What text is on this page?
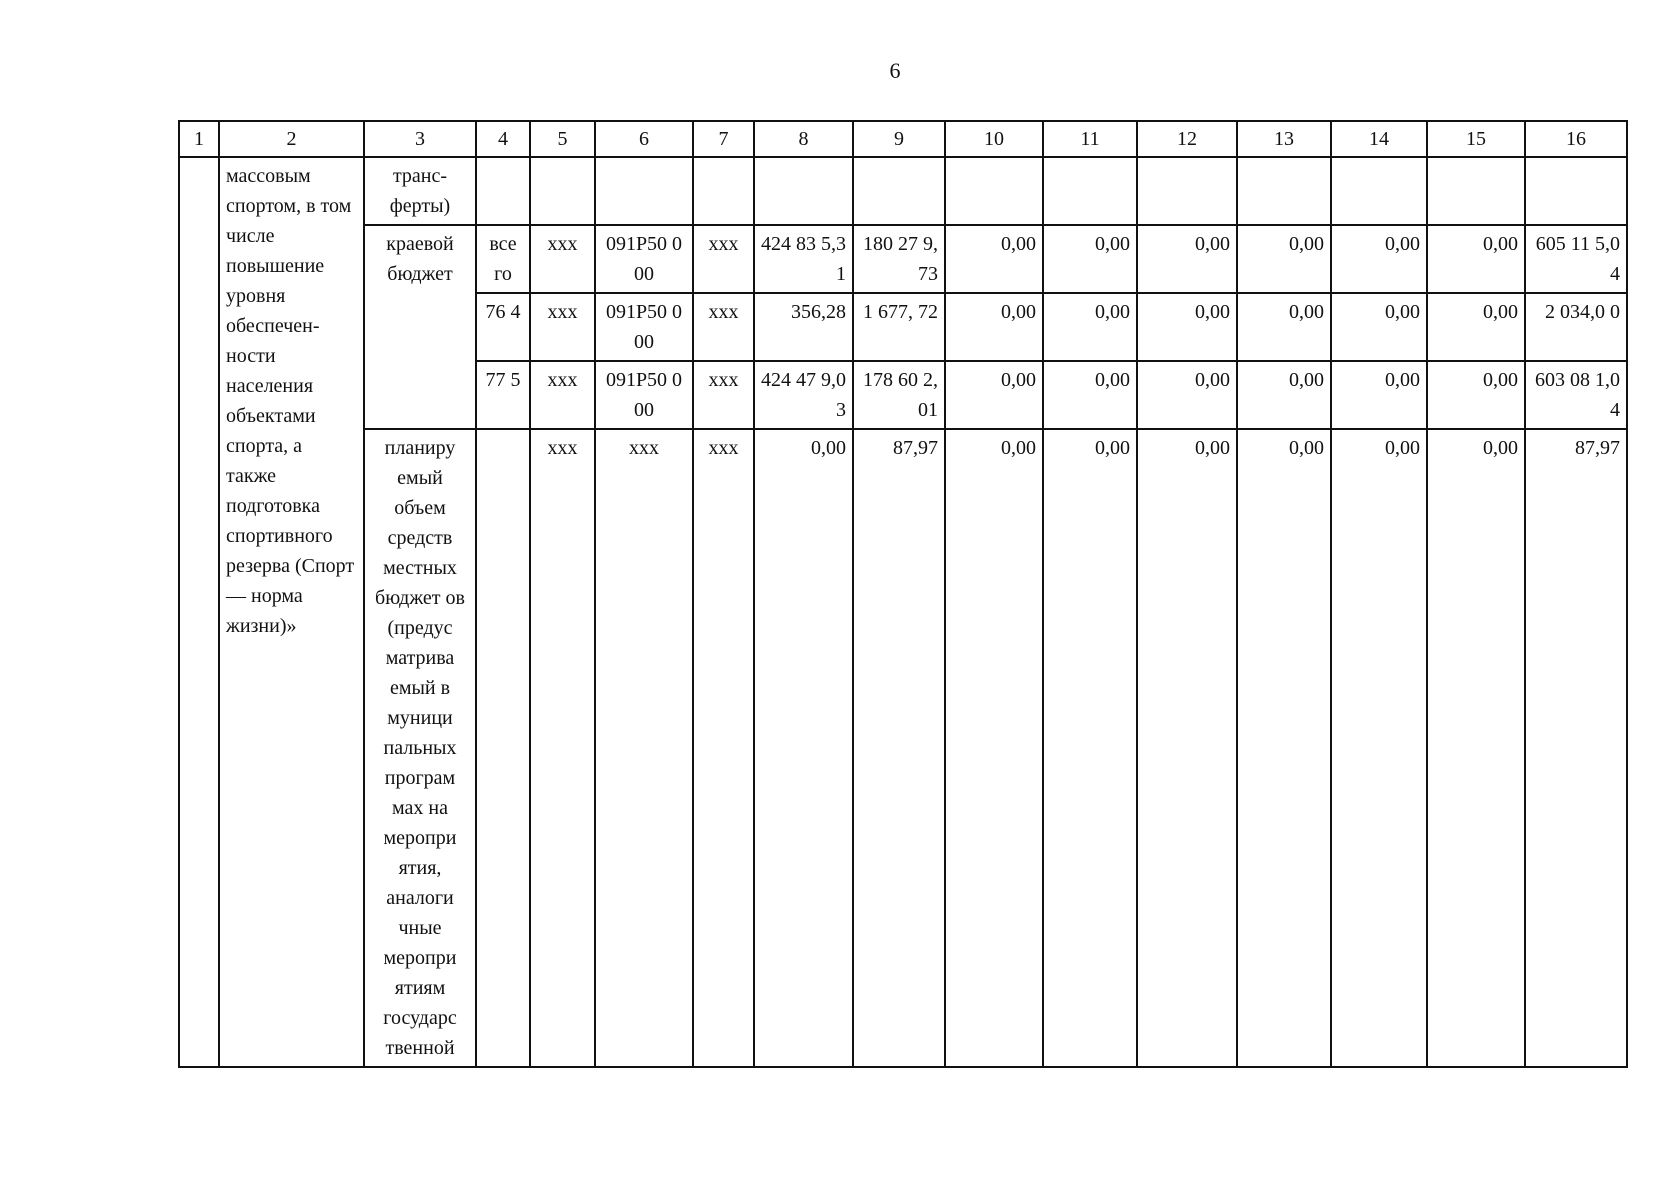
6
1	2	3	4	5	6	7	8	9	10	11	12	13	14	15	16
	массовым спортом, в том числе повышение уровня обеспеченности населения объектами спорта, а также подготовка спортивного резерва (Спорт — норма жизни)»	трансферты)													
		краевой бюджет	все го	xxx	091Р50 000	xxx	424 83 5,31	180 27 9,73	0,00	0,00	0,00	0,00	0,00	0,00	605 11 5,04
			76 4	xxx	091Р50 000	xxx	356,28	1 677, 72	0,00	0,00	0,00	0,00	0,00	0,00	2 034,0 0
			77 5	xxx	091Р50 000	xxx	424 47 9,03	178 60 2,01	0,00	0,00	0,00	0,00	0,00	0,00	603 08 1,04
		планиру емый объем средств местных бюджет ов (предус матрива емый в муници пальных програм мах на меропри ятия, аналоги чные меропри ятиям государс твенной		xxx	xxx	xxx	0,00	87,97	0,00	0,00	0,00	0,00	0,00	0,00	87,97
